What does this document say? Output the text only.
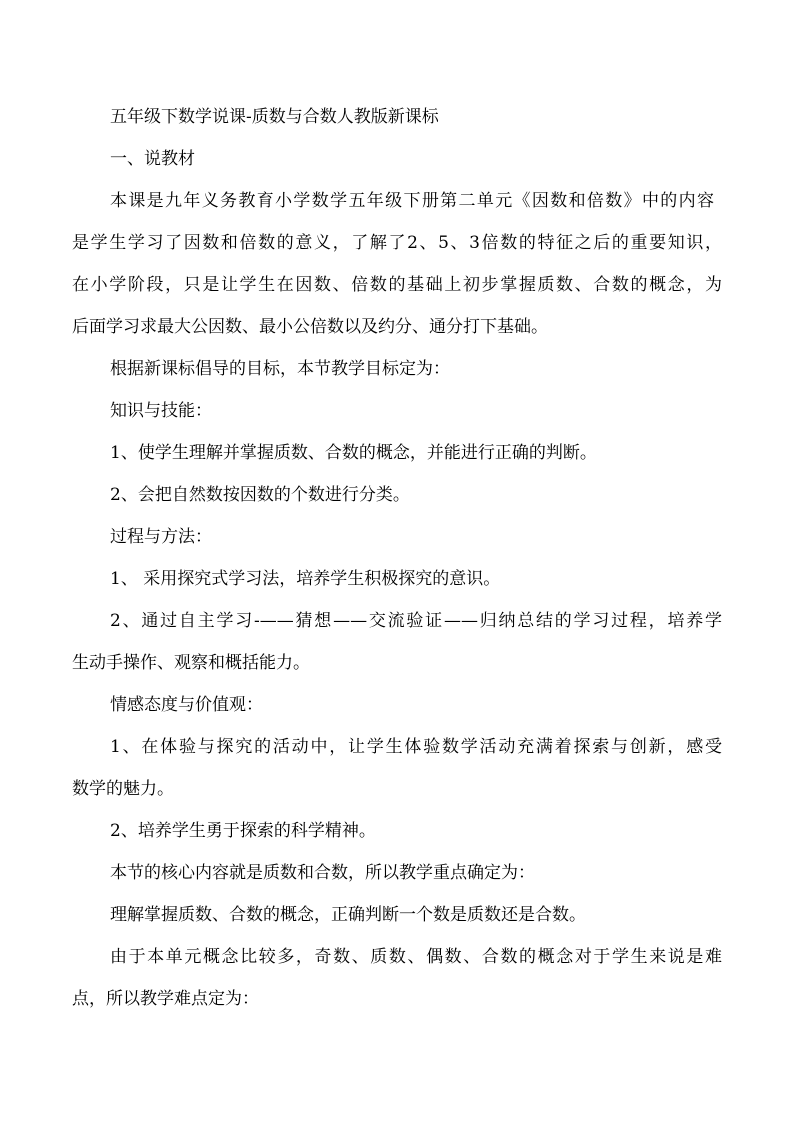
五年级下数学说课-质数与合数人教版新课标
一、说教材
本课是九年义务教育小学数学五年级下册第二单元《因数和倍数》中的内容
是学生学习了因数和倍数的意义，了解了2、5、3倍数的特征之后的重要知识，
在小学阶段，只是让学生在因数、倍数的基础上初步掌握质数、合数的概念，为
后面学习求最大公因数、最小公倍数以及约分、通分打下基础。
根据新课标倡导的目标，本节教学目标定为：
知识与技能：
1、使学生理解并掌握质数、合数的概念，并能进行正确的判断。
2、会把自然数按因数的个数进行分类。
过程与方法：
1、 采用探究式学习法，培养学生积极探究的意识。
2、通过自主学习-——猜想——交流验证——归纳总结的学习过程，培养学
生动手操作、观察和概括能力。
情感态度与价值观：
1、在体验与探究的活动中，让学生体验数学活动充满着探索与创新，感受
数学的魅力。
2、培养学生勇于探索的科学精神。
本节的核心内容就是质数和合数，所以教学重点确定为：
理解掌握质数、合数的概念，正确判断一个数是质数还是合数。
由于本单元概念比较多，奇数、质数、偶数、合数的概念对于学生来说是难
点，所以教学难点定为：
